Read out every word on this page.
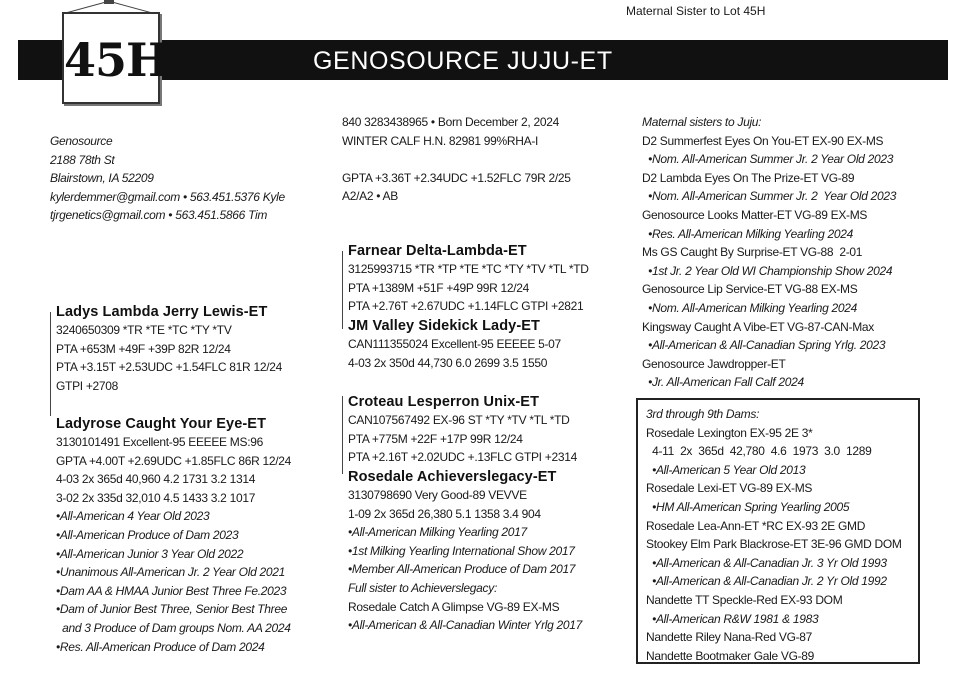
Maternal Sister to Lot 45H
GENOSOURCE JUJU-ET
45H
Genosource
2188 78th St
Blairstown, IA 52209
kylerdemmer@gmail.com • 563.451.5376 Kyle
tjrgenetics@gmail.com • 563.451.5866 Tim
840 3283438965 • Born December 2, 2024
WINTER CALF H.N. 82981 99%RHA-I
GPTA +3.36T +2.34UDC +1.52FLC 79R 2/25
A2/A2 • AB
Ladys Lambda Jerry Lewis-ET
3240650309 *TR *TE *TC *TY *TV
PTA +653M +49F +39P 82R 12/24
PTA +3.15T +2.53UDC +1.54FLC 81R 12/24
GTPI +2708
Ladyrose Caught Your Eye-ET
3130101491 Excellent-95 EEEEE MS:96
GPTA +4.00T +2.69UDC +1.85FLC 86R 12/24
4-03 2x 365d 40,960 4.2 1731 3.2 1314
3-02 2x 335d 32,010 4.5 1433 3.2 1017
•All-American 4 Year Old 2023
•All-American Produce of Dam 2023
•All-American Junior 3 Year Old 2022
•Unanimous All-American Jr. 2 Year Old 2021
•Dam AA & HMAA Junior Best Three Fe.2023
•Dam of Junior Best Three, Senior Best Three
and 3 Produce of Dam groups Nom. AA 2024
•Res. All-American Produce of Dam 2024
Farnear Delta-Lambda-ET
3125993715 *TR *TP *TE *TC *TY *TV *TL *TD
PTA +1389M +51F +49P 99R 12/24
PTA +2.76T +2.67UDC +1.14FLC GTPI +2821
JM Valley Sidekick Lady-ET
CAN111355024 Excellent-95 EEEEE 5-07
4-03 2x 350d 44,730 6.0 2699 3.5 1550
Croteau Lesperron Unix-ET
CAN107567492 EX-96 ST *TY *TV *TL *TD
PTA +775M +22F +17P 99R 12/24
PTA +2.16T +2.02UDC +.13FLC GTPI +2314
Rosedale Achieverslegacy-ET
3130798690 Very Good-89 VEVVE
1-09 2x 365d 26,380 5.1 1358 3.4 904
•All-American Milking Yearling 2017
•1st Milking Yearling International Show 2017
•Member All-American Produce of Dam 2017
Full sister to Achieverslegacy:
Rosedale Catch A Glimpse VG-89 EX-MS
•All-American & All-Canadian Winter Yrlg 2017
Maternal sisters to Juju:
D2 Summerfest Eyes On You-ET EX-90 EX-MS
•Nom. All-American Summer Jr. 2 Year Old 2023
D2 Lambda Eyes On The Prize-ET VG-89
•Nom. All-American Summer Jr. 2  Year Old 2023
Genosource Looks Matter-ET VG-89 EX-MS
•Res. All-American Milking Yearling 2024
Ms GS Caught By Surprise-ET VG-88  2-01
•1st Jr. 2 Year Old WI Championship Show 2024
Genosource Lip Service-ET VG-88 EX-MS
•Nom. All-American Milking Yearling 2024
Kingsway Caught A Vibe-ET VG-87-CAN-Max
•All-American & All-Canadian Spring Yrlg. 2023
Genosource Jawdropper-ET
•Jr. All-American Fall Calf 2024
3rd through 9th Dams:
Rosedale Lexington EX-95 2E 3*
4-11  2x  365d  42,780  4.6  1973  3.0  1289
•All-American 5 Year Old 2013
Rosedale Lexi-ET VG-89 EX-MS
•HM All-American Spring Yearling 2005
Rosedale Lea-Ann-ET *RC EX-93 2E GMD
Stookey Elm Park Blackrose-ET 3E-96 GMD DOM
•All-American & All-Canadian Jr. 3 Yr Old 1993
•All-American & All-Canadian Jr. 2 Yr Old 1992
Nandette TT Speckle-Red EX-93 DOM
•All-American R&W 1981 & 1983
Nandette Riley Nana-Red VG-87
Nandette Bootmaker Gale VG-89
